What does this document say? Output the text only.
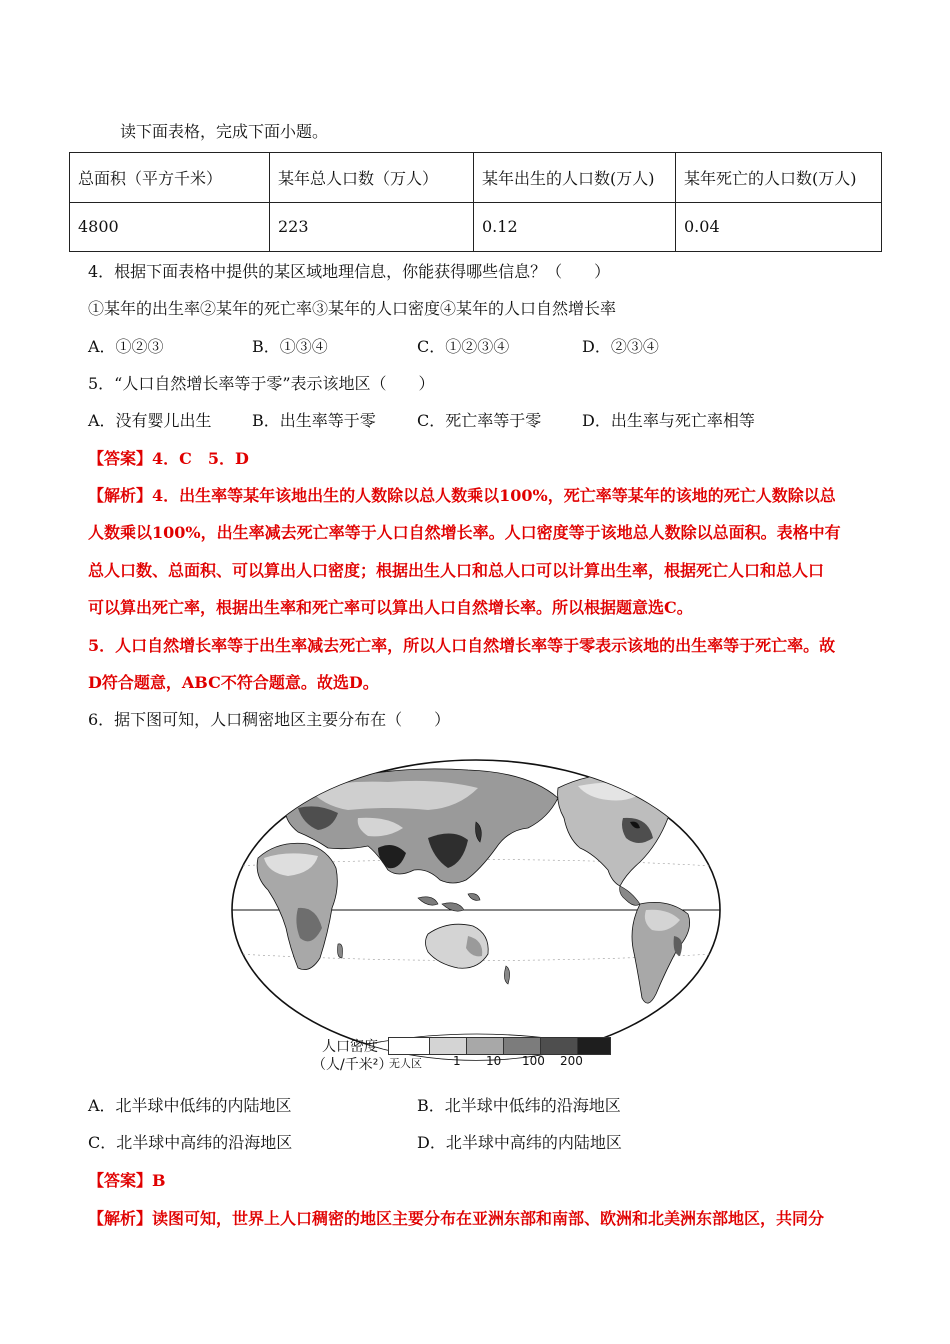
读下面表格，完成下面小题。
总面积（平方千米）	某年总人口数（万人）	某年出生的人口数(万人)	某年死亡的人口数(万人)
4800	223	0.12	0.04
4．根据下面表格中提供的某区域地理信息，你能获得哪些信息？（　　）
①某年的出生率②某年的死亡率③某年的人口密度④某年的人口自然增长率
A．①②③	B．①③④	C．①②③④	D．②③④
5．“人口自然增长率等于零”表示该地区（　　）
A．没有婴儿出生	B．出生率等于零	C．死亡率等于零	D．出生率与死亡率相等
【答案】4．C　5．D
【解析】4．出生率等某年该地出生的人数除以总人数乘以100%，死亡率等某年的该地的死亡人数除以总
人数乘以100%，出生率减去死亡率等于人口自然增长率。人口密度等于该地总人数除以总面积。表格中有
总人口数、总面积、可以算出人口密度；根据出生人口和总人口可以计算出生率，根据死亡人口和总人口
可以算出死亡率，根据出生率和死亡率可以算出人口自然增长率。所以根据题意选C。
5．人口自然增长率等于出生率减去死亡率，所以人口自然增长率等于零表示该地的出生率等于死亡率。故
D符合题意，ABC不符合题意。故选D。
6．据下图可知，人口稠密地区主要分布在（　　）
人口密度
（人/千米²）
无人区	1 10 100 200
A．北半球中低纬的内陆地区	B．北半球中低纬的沿海地区
C．北半球中高纬的沿海地区	D．北半球中高纬的内陆地区
【答案】B
【解析】读图可知，世界上人口稠密的地区主要分布在亚洲东部和南部、欧洲和北美洲东部地区，共同分
